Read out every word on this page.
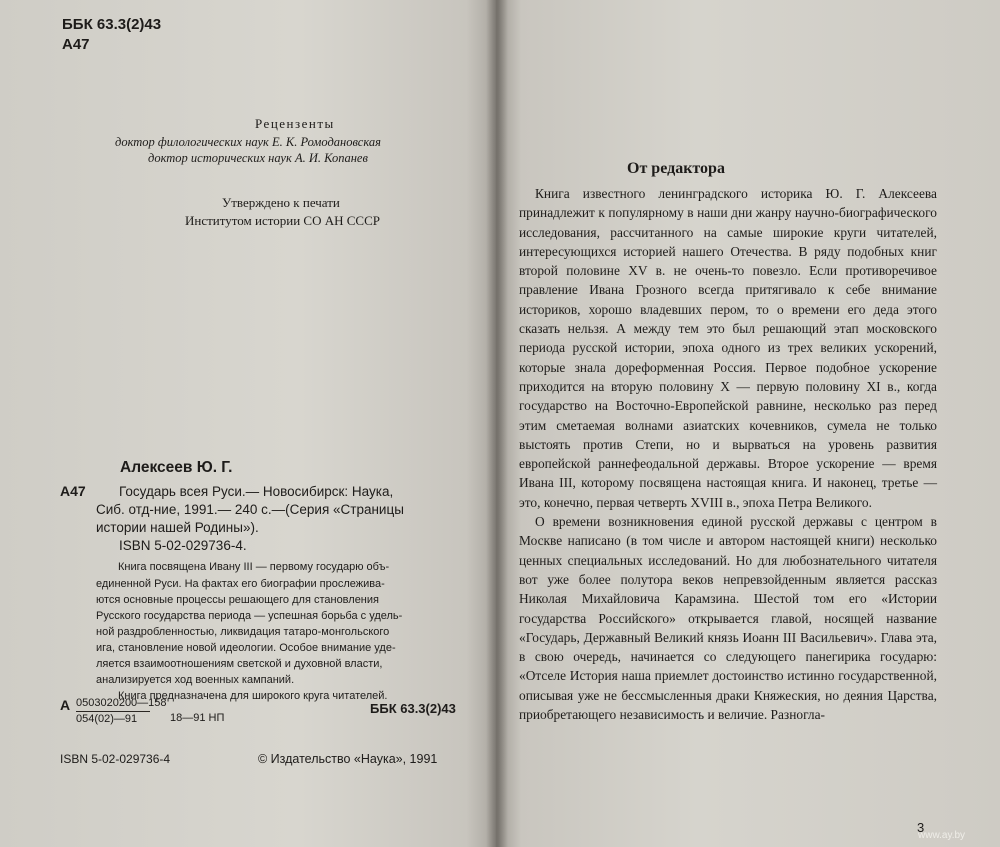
ББК 63.3(2)43

А47

Рецензенты

доктор филологических наук Е. К. Ромодановская

доктор исторических наук А. И. Копанев

Утверждено к печати

Институтом истории СО АН СССР

Алексеев Ю. Г.

А47 Государь всея Руси.— Новосибирск: Наука,

Сиб. отд-ние, 1991.— 240 с.—(Серия «Страницы

истории нашей Родины»).

ISBN 5-02-029736-4.

Книга посвящена Ивану III — первому государю объ-

единенной Руси. На фактах его биографии прослежива-

ются основные процессы решающего для становления

Русского государства периода — успешная борьба с удель-

ной раздробленностью, ликвидация татаро-монгольского

ига, становление новой идеологии. Особое внимание уде-

ляется взаимоотношениям светской и духовной власти,

анализируется ход военных кампаний.

Книга предназначена для широкого круга читателей.

А 0503020200—158

054(02)—91	18—91 НП

ББК 63.3(2)43

ISBN 5-02-029736-4	© Издательство «Наука», 1991

От редактора

Книга известного ленинградского историка Ю. Г. Алексеева принадлежит к популярному в наши дни жанру научно-биографического исследования, рассчитанного на самые широкие круги читателей, интересующихся историей нашего Отечества. В ряду подобных книг второй половине XV в. не очень-то повезло. Если противоречивое правление Ивана Грозного всегда притягивало к себе внимание историков, хорошо владевших пером, то о времени его деда этого сказать нельзя. А между тем это был решающий этап московского периода русской истории, эпоха одного из трех великих ускорений, которые знала дореформенная Россия. Первое подобное ускорение приходится на вторую половину X — первую половину XI в., когда государство на Восточно-Европейской равнине, несколько раз перед этим сметаемая волнами азиатских кочевников, сумела не только выстоять против Степи, но и вырваться на уровень развития европейской раннефеодальной державы. Второе ускорение — время Ивана III, которому посвящена настоящая книга. И наконец, третье — это, конечно, первая четверть XVIII в., эпоха Петра Великого.

О времени возникновения единой русской державы с центром в Москве написано (в том числе и автором настоящей книги) несколько ценных специальных исследований. Но для любознательного читателя вот уже более полутора веков непревзойденным является рассказ Николая Михайловича Карамзина. Шестой том его «Истории государства Российского» открывается главой, носящей название «Государь, Державный Великий князь Иоанн III Васильевич». Глава эта, в свою очередь, начинается со следующего панегирика государю: «Отселе История наша приемлет достоинство истинно государственной, описывая уже не бессмысленныя драки Княжеския, но деяния Царства, приобретающего независимость и величие. Разногла-

3

www.ay.by
